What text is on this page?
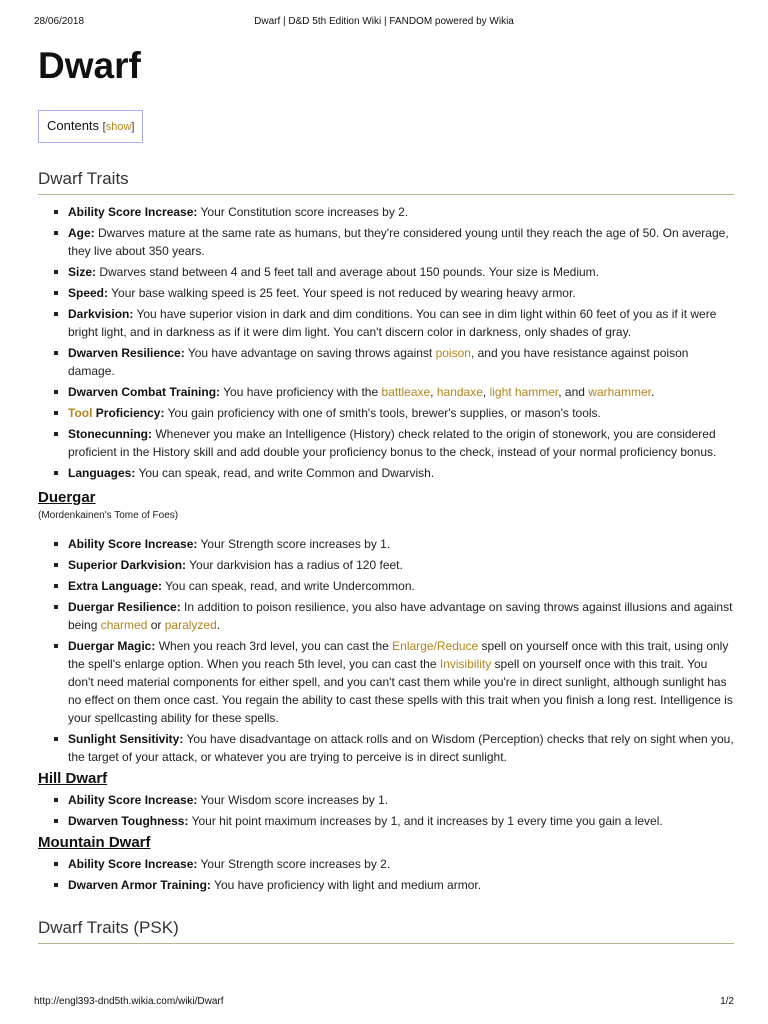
28/06/2018	Dwarf | D&D 5th Edition Wiki | FANDOM powered by Wikia
Dwarf
Contents [show]
Dwarf Traits
Ability Score Increase: Your Constitution score increases by 2.
Age: Dwarves mature at the same rate as humans, but they're considered young until they reach the age of 50. On average, they live about 350 years.
Size: Dwarves stand between 4 and 5 feet tall and average about 150 pounds. Your size is Medium.
Speed: Your base walking speed is 25 feet. Your speed is not reduced by wearing heavy armor.
Darkvision: You have superior vision in dark and dim conditions. You can see in dim light within 60 feet of you as if it were bright light, and in darkness as if it were dim light. You can't discern color in darkness, only shades of gray.
Dwarven Resilience: You have advantage on saving throws against poison, and you have resistance against poison damage.
Dwarven Combat Training: You have proficiency with the battleaxe, handaxe, light hammer, and warhammer.
Tool Proficiency: You gain proficiency with one of smith's tools, brewer's supplies, or mason's tools.
Stonecunning: Whenever you make an Intelligence (History) check related to the origin of stonework, you are considered proficient in the History skill and add double your proficiency bonus to the check, instead of your normal proficiency bonus.
Languages: You can speak, read, and write Common and Dwarvish.
Duergar

(Mordenkainen's Tome of Foes)

Ability Score Increase: Your Strength score increases by 1.
Superior Darkvision: Your darkvision has a radius of 120 feet.
Extra Language: You can speak, read, and write Undercommon.
Duergar Resilience: In addition to poison resilience, you also have advantage on saving throws against illusions and against being charmed or paralyzed.
Duergar Magic: When you reach 3rd level, you can cast the Enlarge/Reduce spell on yourself once with this trait, using only the spell's enlarge option. When you reach 5th level, you can cast the Invisibility spell on yourself once with this trait. You don't need material components for either spell, and you can't cast them while you're in direct sunlight, although sunlight has no effect on them once cast. You regain the ability to cast these spells with this trait when you finish a long rest. Intelligence is your spellcasting ability for these spells.
Sunlight Sensitivity: You have disadvantage on attack rolls and on Wisdom (Perception) checks that rely on sight when you, the target of your attack, or whatever you are trying to perceive is in direct sunlight.
Hill Dwarf
Ability Score Increase: Your Wisdom score increases by 1.
Dwarven Toughness: Your hit point maximum increases by 1, and it increases by 1 every time you gain a level.
Mountain Dwarf
Ability Score Increase: Your Strength score increases by 2.
Dwarven Armor Training: You have proficiency with light and medium armor.
Dwarf Traits (PSK)
http://engl393-dnd5th.wikia.com/wiki/Dwarf	1/2
